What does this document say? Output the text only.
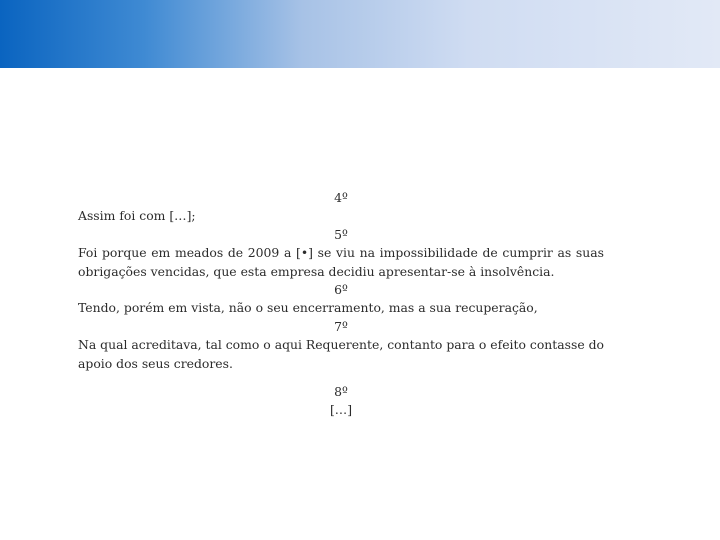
4º
Assim foi com […];
5º
Foi porque em meados de 2009 a [•] se viu na impossibilidade de cumprir as suas obrigações vencidas, que esta empresa decidiu apresentar-se à insolvência.
6º
Tendo, porém em vista, não o seu encerramento, mas a sua recuperação,
7º
Na qual acreditava, tal como o aqui Requerente, contanto para o efeito contasse do apoio dos seus credores.
8º
[…]
